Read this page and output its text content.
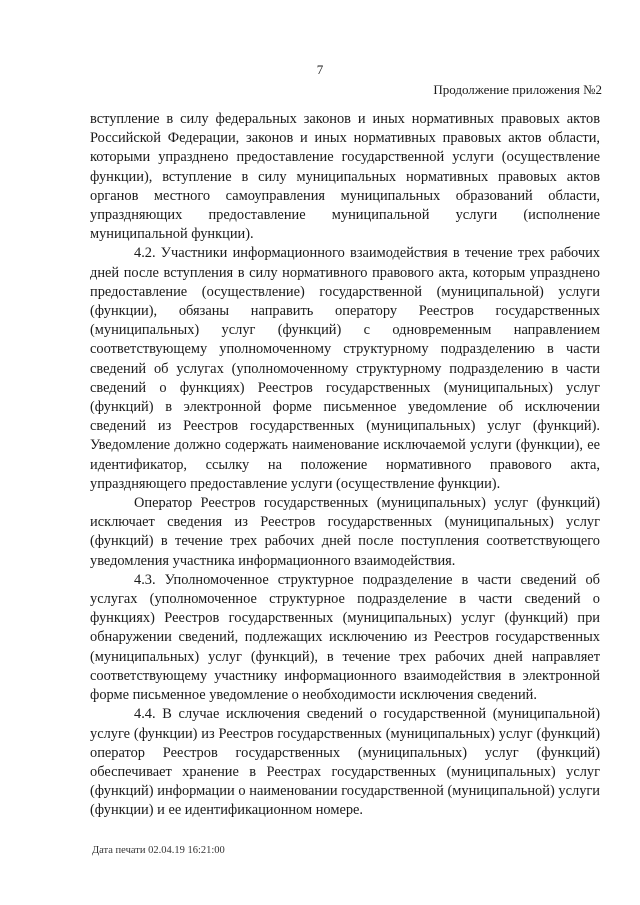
7
Продолжение приложения №2

вступление в силу федеральных законов и иных нормативных правовых актов Российской Федерации, законов и иных нормативных правовых актов области, которыми упразднено предоставление государственной услуги (осуществление функции), вступление в силу муниципальных нормативных правовых актов органов местного самоуправления муниципальных образований области, упраздняющих предоставление муниципальной услуги (исполнение муниципальной функции).

4.2. Участники информационного взаимодействия в течение трех рабочих дней после вступления в силу нормативного правового акта, которым упразднено предоставление (осуществление) государственной (муниципальной) услуги (функции), обязаны направить оператору Реестров государственных (муниципальных) услуг (функций) с одновременным направлением соответствующему уполномоченному структурному подразделению в части сведений об услугах (уполномоченному структурному подразделению в части сведений о функциях) Реестров государственных (муниципальных) услуг (функций) в электронной форме письменное уведомление об исключении сведений из Реестров государственных (муниципальных) услуг (функций). Уведомление должно содержать наименование исключаемой услуги (функции), ее идентификатор, ссылку на положение нормативного правового акта, упраздняющего предоставление услуги (осуществление функции).

Оператор Реестров государственных (муниципальных) услуг (функций) исключает сведения из Реестров государственных (муниципальных) услуг (функций) в течение трех рабочих дней после поступления соответствующего уведомления участника информационного взаимодействия.

4.3. Уполномоченное структурное подразделение в части сведений об услугах (уполномоченное структурное подразделение в части сведений о функциях) Реестров государственных (муниципальных) услуг (функций) при обнаружении сведений, подлежащих исключению из Реестров государственных (муниципальных) услуг (функций), в течение трех рабочих дней направляет соответствующему участнику информационного взаимодействия в электронной форме письменное уведомление о необходимости исключения сведений.

4.4. В случае исключения сведений о государственной (муниципальной) услуге (функции) из Реестров государственных (муниципальных) услуг (функций) оператор Реестров государственных (муниципальных) услуг (функций) обеспечивает хранение в Реестрах государственных (муниципальных) услуг (функций) информации о наименовании государственной (муниципальной) услуги (функции) и ее идентификационном номере.

Дата печати 02.04.19 16:21:00
